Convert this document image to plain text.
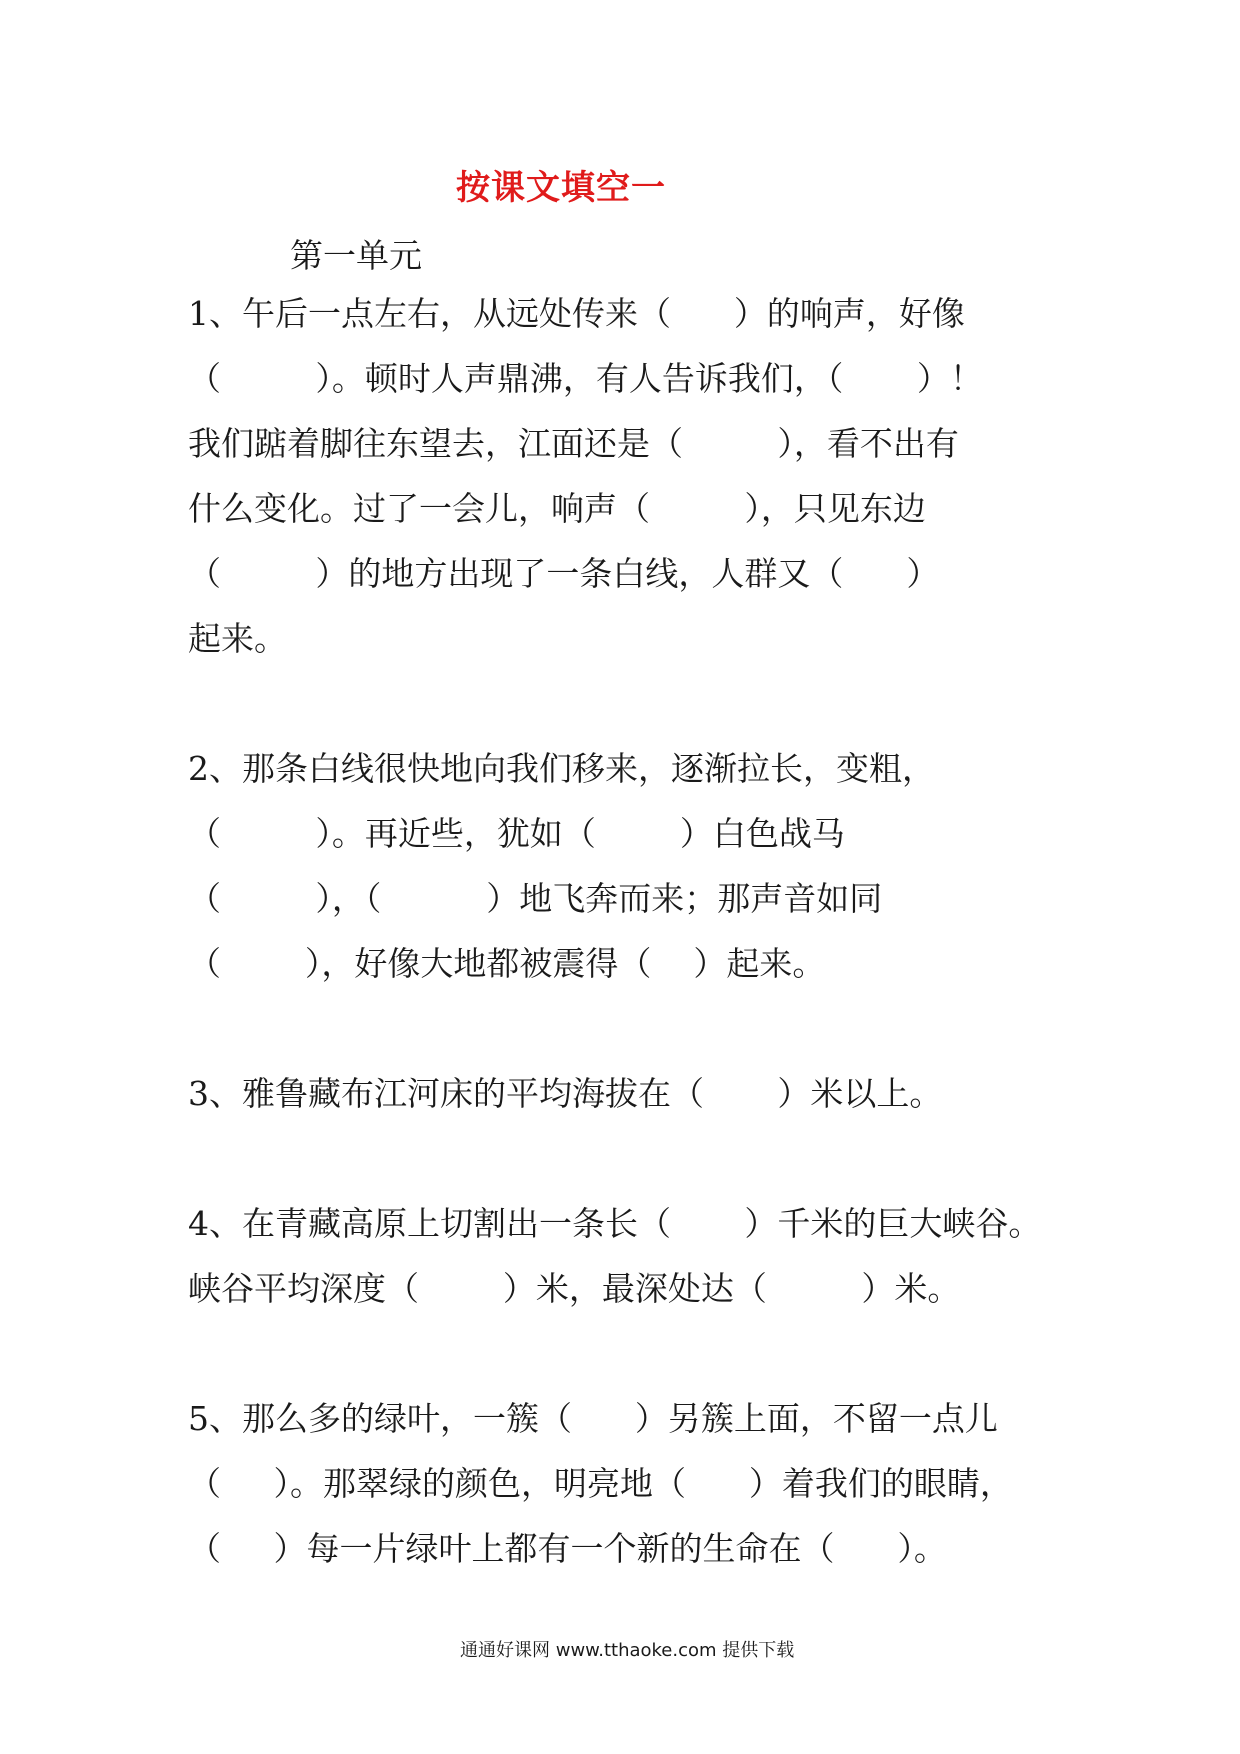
按课文填空一
第一单元
1、午后一点左右，从远处传来（      ）的响声，好像
（         ）。顿时人声鼎沸，有人告诉我们，（       ）！
我们踮着脚往东望去，江面还是（         ），看不出有
什么变化。过了一会儿，响声（         ），只见东边
（         ）的地方出现了一条白线，人群又（      ）
起来。
2、那条白线很快地向我们移来，逐渐拉长，变粗，
（         ）。再近些，犹如（        ）白色战马
（         ），（          ）地飞奔而来；那声音如同
（        ），好像大地都被震得（    ）起来。
3、雅鲁藏布江河床的平均海拔在（       ）米以上。
4、在青藏高原上切割出一条长（       ）千米的巨大峡谷。
峡谷平均深度（        ）米，最深处达（         ）米。
5、那么多的绿叶，一簇（      ）另簇上面，不留一点儿
（     ）。那翠绿的颜色，明亮地（      ）着我们的眼睛，
（     ）每一片绿叶上都有一个新的生命在（      ）。
通通好课网 www.tthaoke.com 提供下载
